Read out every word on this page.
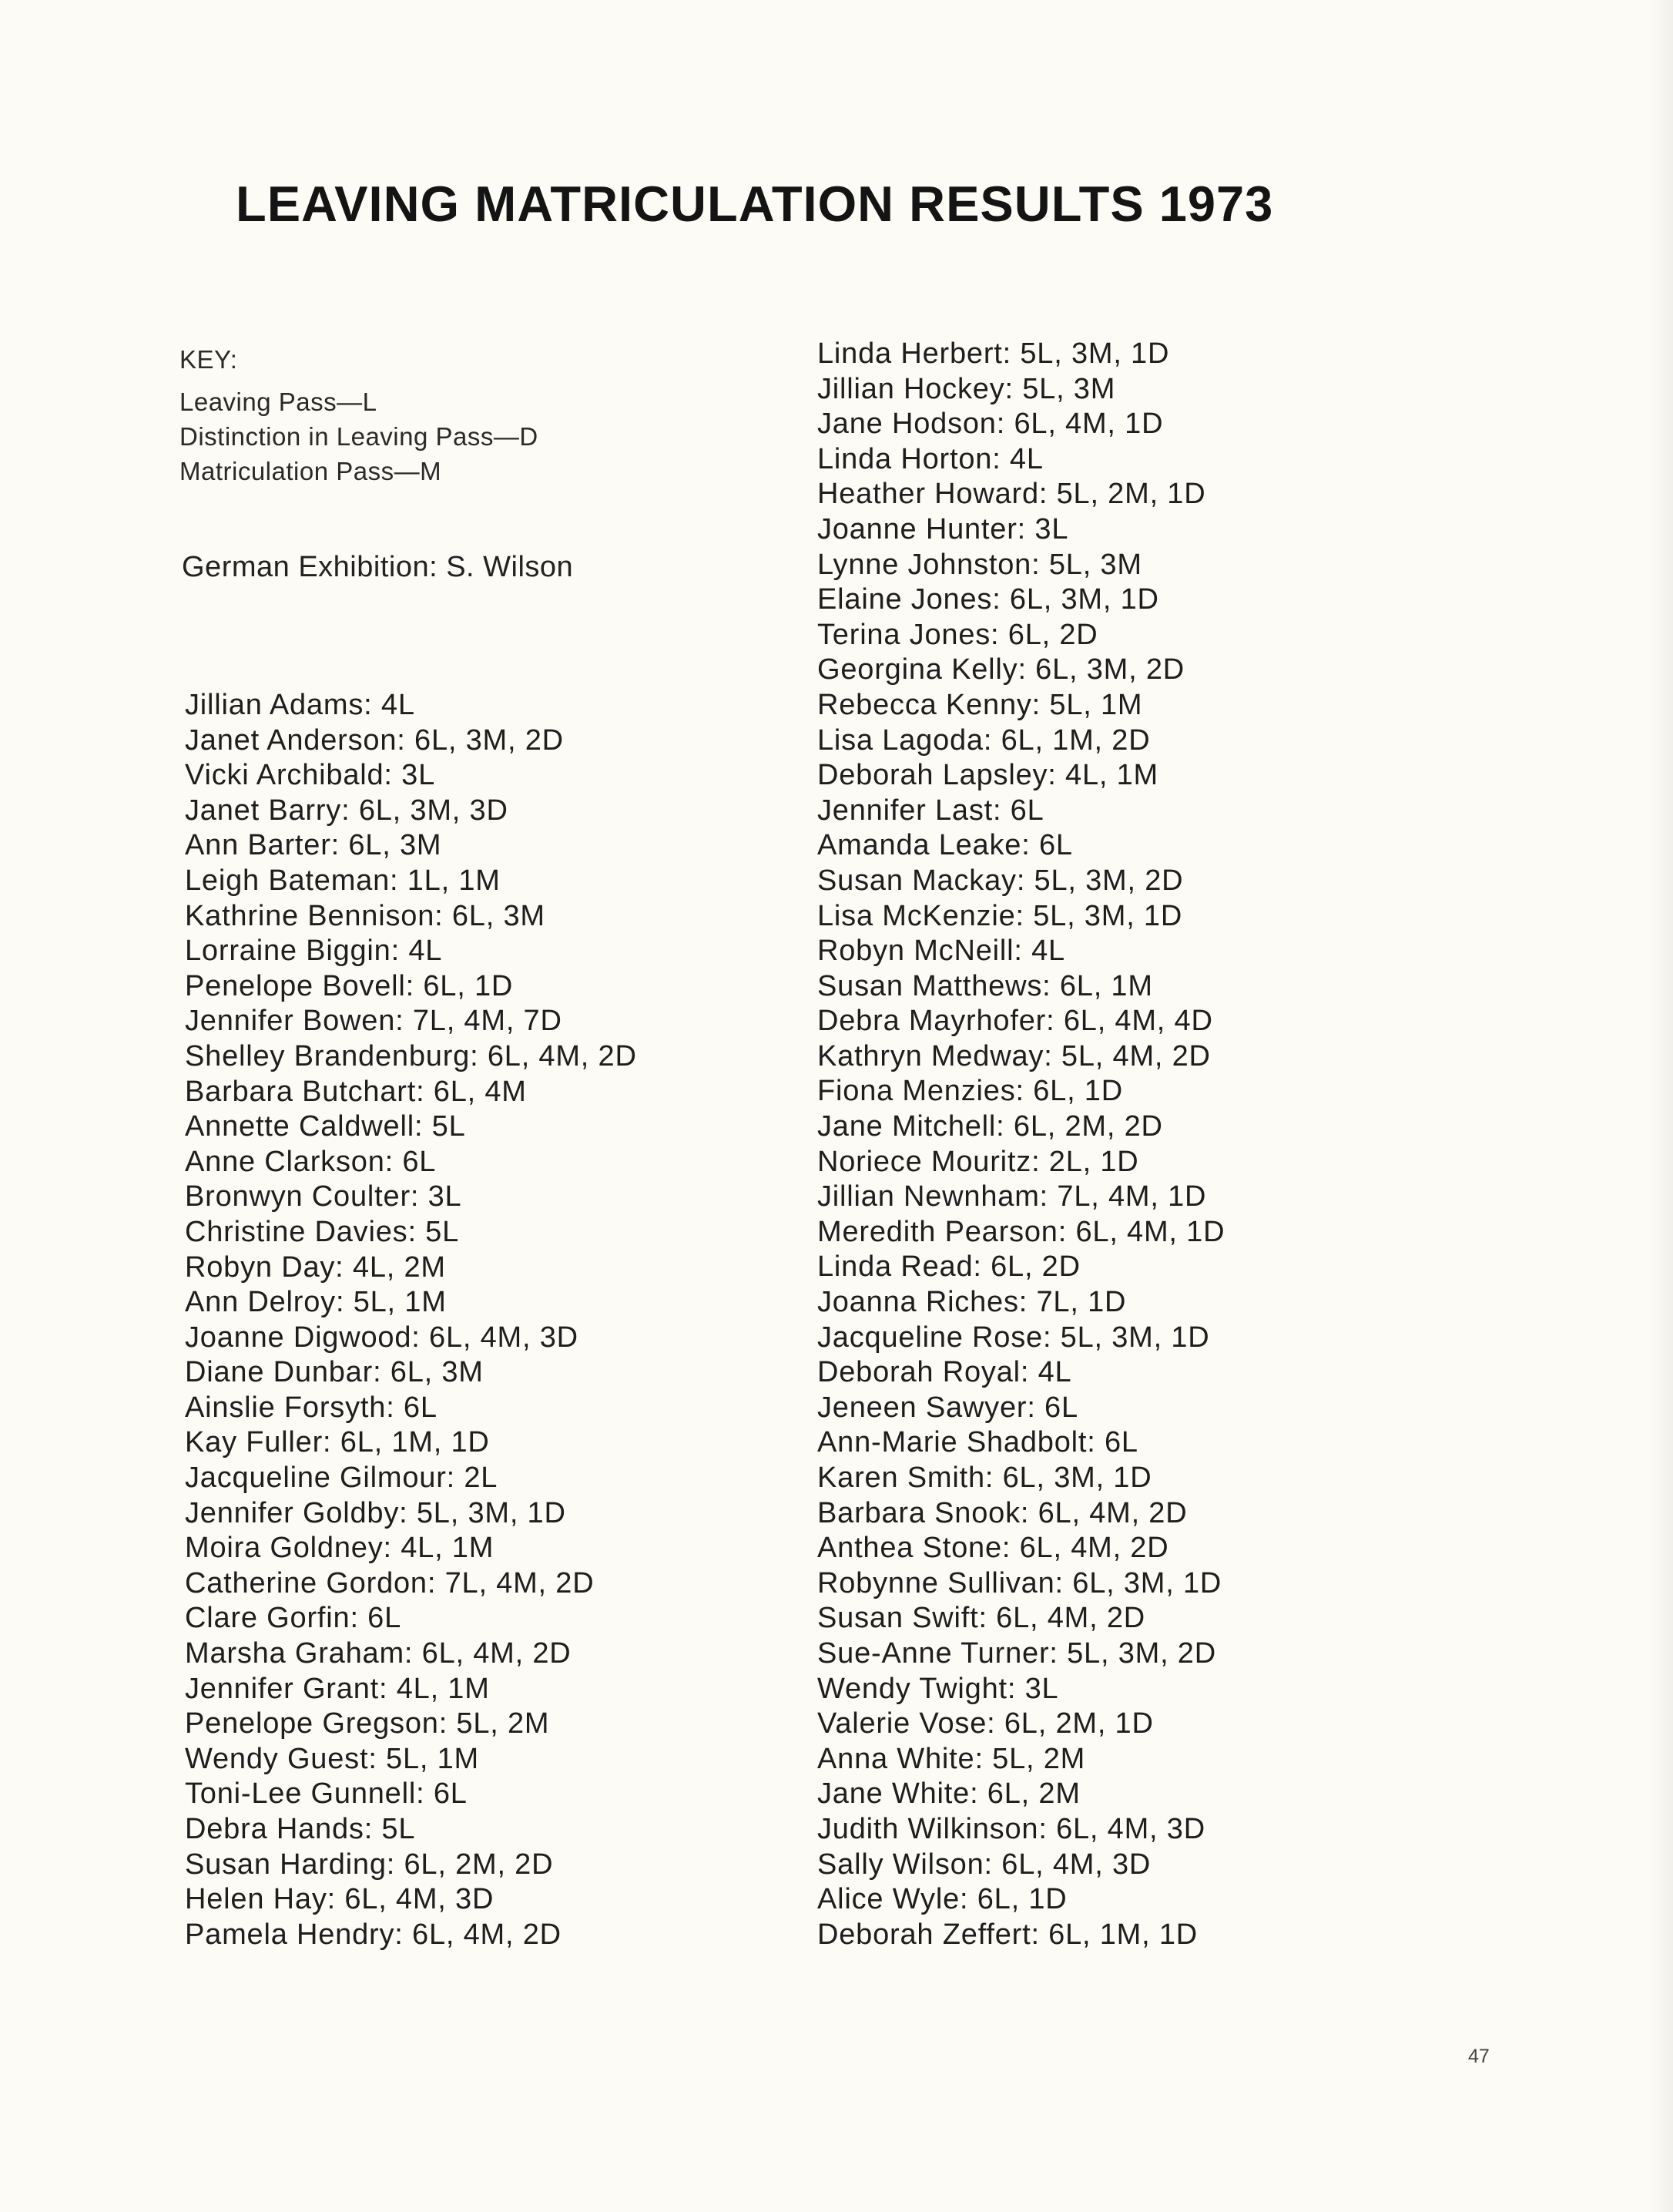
LEAVING MATRICULATION RESULTS 1973
KEY:
Leaving Pass—L
Distinction in Leaving Pass—D
Matriculation Pass—M
German Exhibition: S. Wilson
Jillian Adams: 4L
Janet Anderson: 6L, 3M, 2D
Vicki Archibald: 3L
Janet Barry: 6L, 3M, 3D
Ann Barter: 6L, 3M
Leigh Bateman: 1L, 1M
Kathrine Bennison: 6L, 3M
Lorraine Biggin: 4L
Penelope Bovell: 6L, 1D
Jennifer Bowen: 7L, 4M, 7D
Shelley Brandenburg: 6L, 4M, 2D
Barbara Butchart: 6L, 4M
Annette Caldwell: 5L
Anne Clarkson: 6L
Bronwyn Coulter: 3L
Christine Davies: 5L
Robyn Day: 4L, 2M
Ann Delroy: 5L, 1M
Joanne Digwood: 6L, 4M, 3D
Diane Dunbar: 6L, 3M
Ainslie Forsyth: 6L
Kay Fuller: 6L, 1M, 1D
Jacqueline Gilmour: 2L
Jennifer Goldby: 5L, 3M, 1D
Moira Goldney: 4L, 1M
Catherine Gordon: 7L, 4M, 2D
Clare Gorfin: 6L
Marsha Graham: 6L, 4M, 2D
Jennifer Grant: 4L, 1M
Penelope Gregson: 5L, 2M
Wendy Guest: 5L, 1M
Toni-Lee Gunnell: 6L
Debra Hands: 5L
Susan Harding: 6L, 2M, 2D
Helen Hay: 6L, 4M, 3D
Pamela Hendry: 6L, 4M, 2D
Linda Herbert: 5L, 3M, 1D
Jillian Hockey: 5L, 3M
Jane Hodson: 6L, 4M, 1D
Linda Horton: 4L
Heather Howard: 5L, 2M, 1D
Joanne Hunter: 3L
Lynne Johnston: 5L, 3M
Elaine Jones: 6L, 3M, 1D
Terina Jones: 6L, 2D
Georgina Kelly: 6L, 3M, 2D
Rebecca Kenny: 5L, 1M
Lisa Lagoda: 6L, 1M, 2D
Deborah Lapsley: 4L, 1M
Jennifer Last: 6L
Amanda Leake: 6L
Susan Mackay: 5L, 3M, 2D
Lisa McKenzie: 5L, 3M, 1D
Robyn McNeill: 4L
Susan Matthews: 6L, 1M
Debra Mayrhofer: 6L, 4M, 4D
Kathryn Medway: 5L, 4M, 2D
Fiona Menzies: 6L, 1D
Jane Mitchell: 6L, 2M, 2D
Noriece Mouritz: 2L, 1D
Jillian Newnham: 7L, 4M, 1D
Meredith Pearson: 6L, 4M, 1D
Linda Read: 6L, 2D
Joanna Riches: 7L, 1D
Jacqueline Rose: 5L, 3M, 1D
Deborah Royal: 4L
Jeneen Sawyer: 6L
Ann-Marie Shadbolt: 6L
Karen Smith: 6L, 3M, 1D
Barbara Snook: 6L, 4M, 2D
Anthea Stone: 6L, 4M, 2D
Robynne Sullivan: 6L, 3M, 1D
Susan Swift: 6L, 4M, 2D
Sue-Anne Turner: 5L, 3M, 2D
Wendy Twight: 3L
Valerie Vose: 6L, 2M, 1D
Anna White: 5L, 2M
Jane White: 6L, 2M
Judith Wilkinson: 6L, 4M, 3D
Sally Wilson: 6L, 4M, 3D
Alice Wyle: 6L, 1D
Deborah Zeffert: 6L, 1M, 1D
47
